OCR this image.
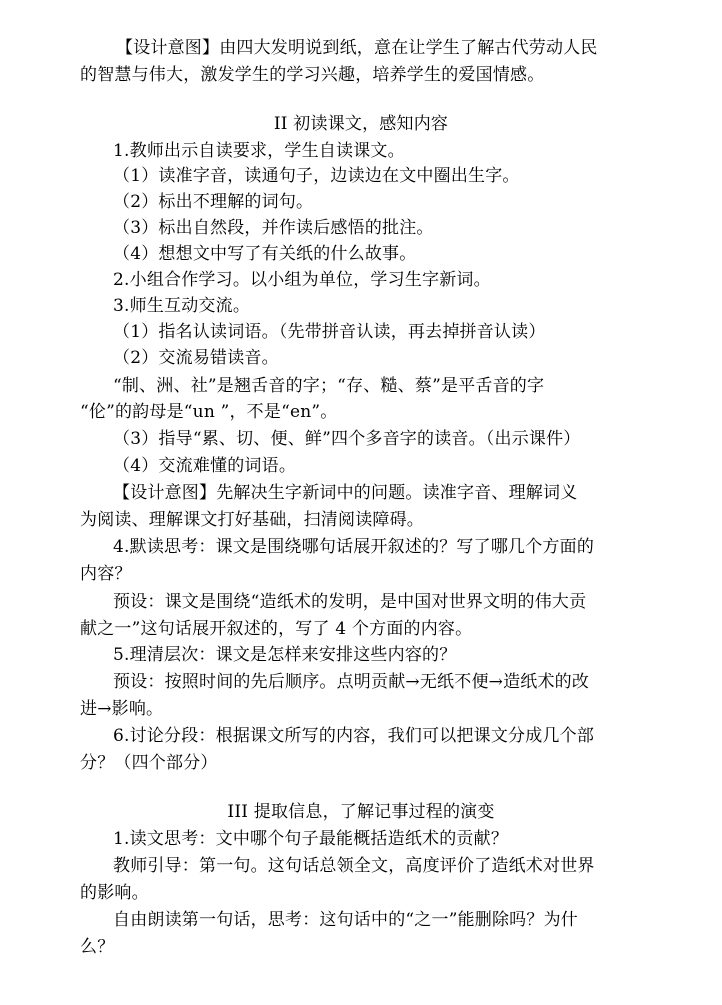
【设计意图】由四大发明说到纸，意在让学生了解古代劳动人民
的智慧与伟大，激发学生的学习兴趣，培养学生的爱国情感。
II 初读课文，感知内容
1.教师出示自读要求，学生自读课文。
（1）读准字音，读通句子，边读边在文中圈出生字。
（2）标出不理解的词句。
（3）标出自然段，并作读后感悟的批注。
（4）想想文中写了有关纸的什么故事。
2.小组合作学习。以小组为单位，学习生字新词。
3.师生互动交流。
（1）指名认读词语。（先带拼音认读，再去掉拼音认读）
（2）交流易错读音。
“制、洲、社”是翘舌音的字；“存、糙、蔡”是平舌音的字
“伦”的韵母是“un ”，不是“en”。
（3）指导“累、切、便、鲜”四个多音字的读音。（出示课件）
（4）交流难懂的词语。
【设计意图】先解决生字新词中的问题。读准字音、理解词义
为阅读、理解课文打好基础，扫清阅读障碍。
4.默读思考：课文是围绕哪句话展开叙述的？写了哪几个方面的
内容？
预设：课文是围绕“造纸术的发明，是中国对世界文明的伟大贡
献之一”这句话展开叙述的，写了 4 个方面的内容。
5.理清层次：课文是怎样来安排这些内容的？
预设：按照时间的先后顺序。点明贡献→无纸不便→造纸术的改
进→影响。
6.讨论分段：根据课文所写的内容，我们可以把课文分成几个部
分？（四个部分）
III 提取信息，了解记事过程的演变
1.读文思考：文中哪个句子最能概括造纸术的贡献？
教师引导：第一句。这句话总领全文，高度评价了造纸术对世界
的影响。
自由朗读第一句话，思考：这句话中的“之一”能删除吗？为什
么？
